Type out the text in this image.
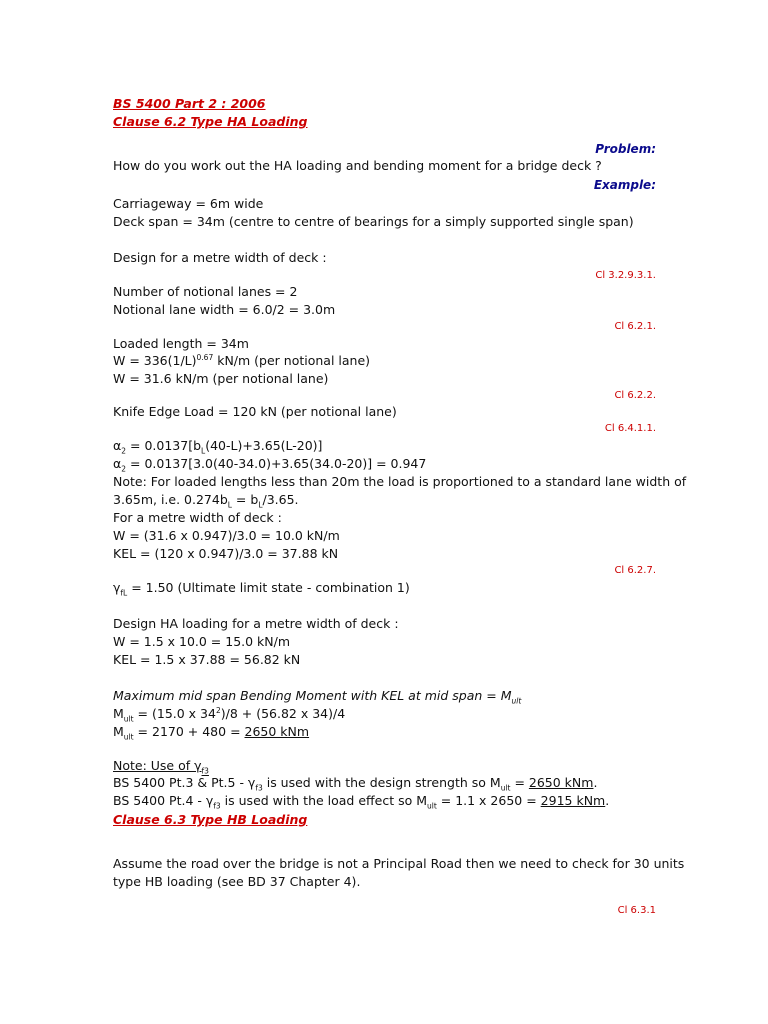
BS 5400 Part 2 : 2006
Clause 6.2 Type HA Loading
Problem:
How do you work out the HA loading and bending moment for a bridge deck ?
Example:
Carriageway = 6m wide
Deck span = 34m (centre to centre of bearings for a simply supported single span)
Design for a metre width of deck :
Cl 3.2.9.3.1.
Number of notional lanes = 2
Notional lane width = 6.0/2 = 3.0m
Cl 6.2.1.
Loaded length = 34m
$W = 336(1/L)^{0.67}$ kN/m (per notional lane)
W = 31.6 kN/m (per notional lane)
Cl 6.2.2.
Knife Edge Load = 120 kN (per notional lane)
Cl 6.4.1.1.
$\alpha_2 = 0.0137[b_L(40-L)+3.65(L-20)]$
$\alpha_2 = 0.0137[3.0(40-34.0)+3.65(34.0-20)] = 0.947$
Note: For loaded lengths less than 20m the load is proportioned to a standard lane width of
3.65m, i.e. $0.274b_L = b_L/3.65$.
For a metre width of deck :
W = (31.6 x 0.947)/3.0 = 10.0 kN/m
KEL = (120 x 0.947)/3.0 = 37.88 kN
Cl 6.2.7.
$\gamma_{fL} = 1.50$ (Ultimate limit state - combination 1)
Design HA loading for a metre width of deck :
W = 1.5 x 10.0 = 15.0 kN/m
KEL = 1.5 x 37.88 = 56.82 kN
Maximum mid span Bending Moment with KEL at mid span = $M_{ult}$
$M_{ult} = (15.0$ x $34^2)/8 + (56.82$ x 34)/4
$M_{ult} = 2170 + 480 = 2650$ kNm
Note: Use of $\gamma_{f3}$
BS 5400 Pt.3 & $Pt.5 - \gamma_{f3}$ is used with the design strength so $M_{ult} = 2650$ kNm.
BS 5400 $Pt.4 - \gamma_{f3}$ is used with the load effect so $M_{ult} = 1.1$ x 2650 = 2915 kNm.
Clause 6.3 Type HB Loading
Assume the road over the bridge is not a Principal Road then we need to check for 30 units
type HB loading (see BD 37 Chapter 4).
Cl 6.3.1
